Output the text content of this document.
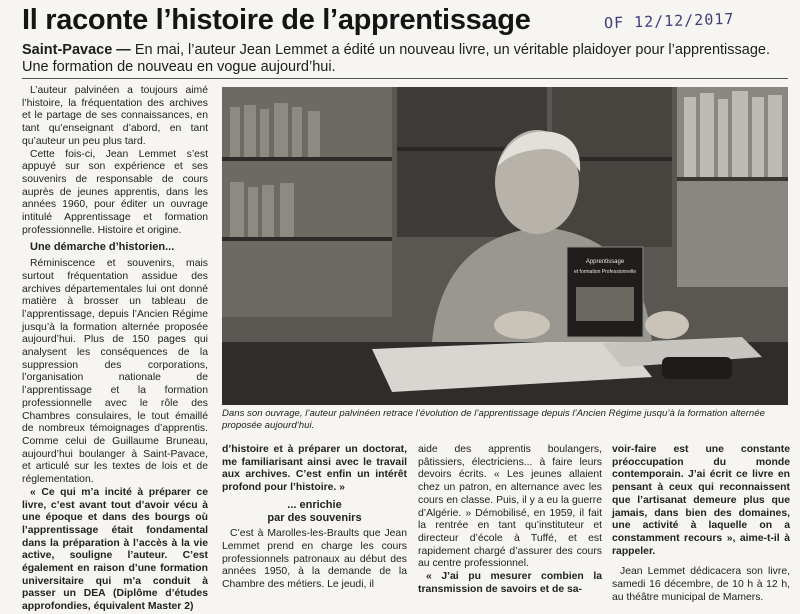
Il raconte l’histoire de l’apprentissage	OF 12/12/2017
Saint-Pavace — En mai, l’auteur Jean Lemmet a édité un nouveau livre, un véritable plaidoyer pour l’apprentissage. Une formation de nouveau en vogue aujourd’hui.

L’auteur palvinéen a toujours aimé l’histoire, la fréquentation des archives et le partage de ses connaissances, en tant qu’enseignant d’abord, en tant qu’auteur un peu plus tard.

Cette fois-ci, Jean Lemmet s’est appuyé sur son expérience et ses souvenirs de responsable de cours auprès de jeunes apprentis, dans les années 1960, pour éditer un ouvrage intitulé Apprentissage et formation professionnelle. Histoire et origine.

Une démarche d’historien...

Réminiscence et souvenirs, mais surtout fréquentation assidue des archives départementales lui ont donné matière à brosser un tableau de l’apprentissage, depuis l’Ancien Régime jusqu’à la formation alternée proposée aujourd’hui. Plus de 150 pages qui analysent les conséquences de la suppression des corporations, l’organisation nationale de l’apprentissage et la formation professionnelle avec le rôle des Chambres consulaires, le tout émaillé de nombreux témoignages d’apprentis. Comme celui de Guillaume Bruneau, aujourd’hui boulanger à Saint-Pavace, et articulé sur les textes de lois et de réglementation.

« Ce qui m’a incité à préparer ce livre, c’est avant tout d’avoir vécu à une époque et dans des bourgs où l’apprentissage était fondamental dans la préparation à l’accès à la vie active, souligne l’auteur. C’est également en raison d’une formation universitaire qui m’a conduit à passer un DEA (Diplôme d’études approfondies, équivalent Master 2)

Apprentissage
et formation Professionnelle
Dans son ouvrage, l’auteur palvinéen retrace l’évolution de l’apprentissage depuis l’Ancien Régime jusqu’à la formation alternée proposée aujourd’hui.

d’histoire et à préparer un doctorat, me familiarisant ainsi avec le travail aux archives. C’est enfin un intérêt profond pour l’histoire. »

... enrichie
par des souvenirs

C’est à Marolles-les-Braults que Jean Lemmet prend en charge les cours professionnels patronaux au début des années 1950, à la demande de la Chambre des métiers. Le jeudi, il

aide des apprentis boulangers, pâtissiers, électriciens... à faire leurs devoirs écrits. « Les jeunes allaient chez un patron, en alternance avec les cours en classe. Puis, il y a eu la guerre d’Algérie. » Démobilisé, en 1959, il fait la rentrée en tant qu’instituteur et directeur d’école à Tuffé, et est rapidement chargé d’assurer des cours au centre professionnel.

« J’ai pu mesurer combien la transmission de savoirs et de sa-

voir-faire est une constante préoccupation du monde contemporain. J’ai écrit ce livre en pensant à ceux qui reconnaissent que l’artisanat demeure plus que jamais, dans bien des domaines, une activité à laquelle on a constamment recours », aime-t-il à rappeler.

Jean Lemmet dédicacera son livre, samedi 16 décembre, de 10 h à 12 h, au théâtre municipal de Mamers.
